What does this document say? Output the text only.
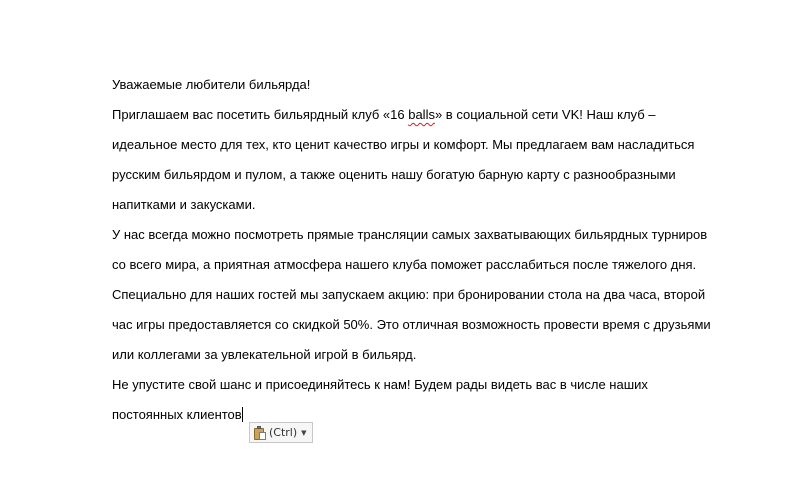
Уважаемые любители бильярда!
Приглашаем вас посетить бильярдный клуб «16 balls» в социальной сети VK! Наш клуб –
идеальное место для тех, кто ценит качество игры и комфорт. Мы предлагаем вам насладиться
русским бильярдом и пулом, а также оценить нашу богатую барную карту с разнообразными
напитками и закусками.
У нас всегда можно посмотреть прямые трансляции самых захватывающих бильярдных турниров
со всего мира, а приятная атмосфера нашего клуба поможет расслабиться после тяжелого дня.
Специально для наших гостей мы запускаем акцию: при бронировании стола на два часа, второй
час игры предоставляется со скидкой 50%. Это отличная возможность провести время с друзьями
или коллегами за увлекательной игрой в бильярд.
Не упустите свой шанс и присоединяйтесь к нам! Будем рады видеть вас в числе наших
постоянных клиентов
(Ctrl) ▼
